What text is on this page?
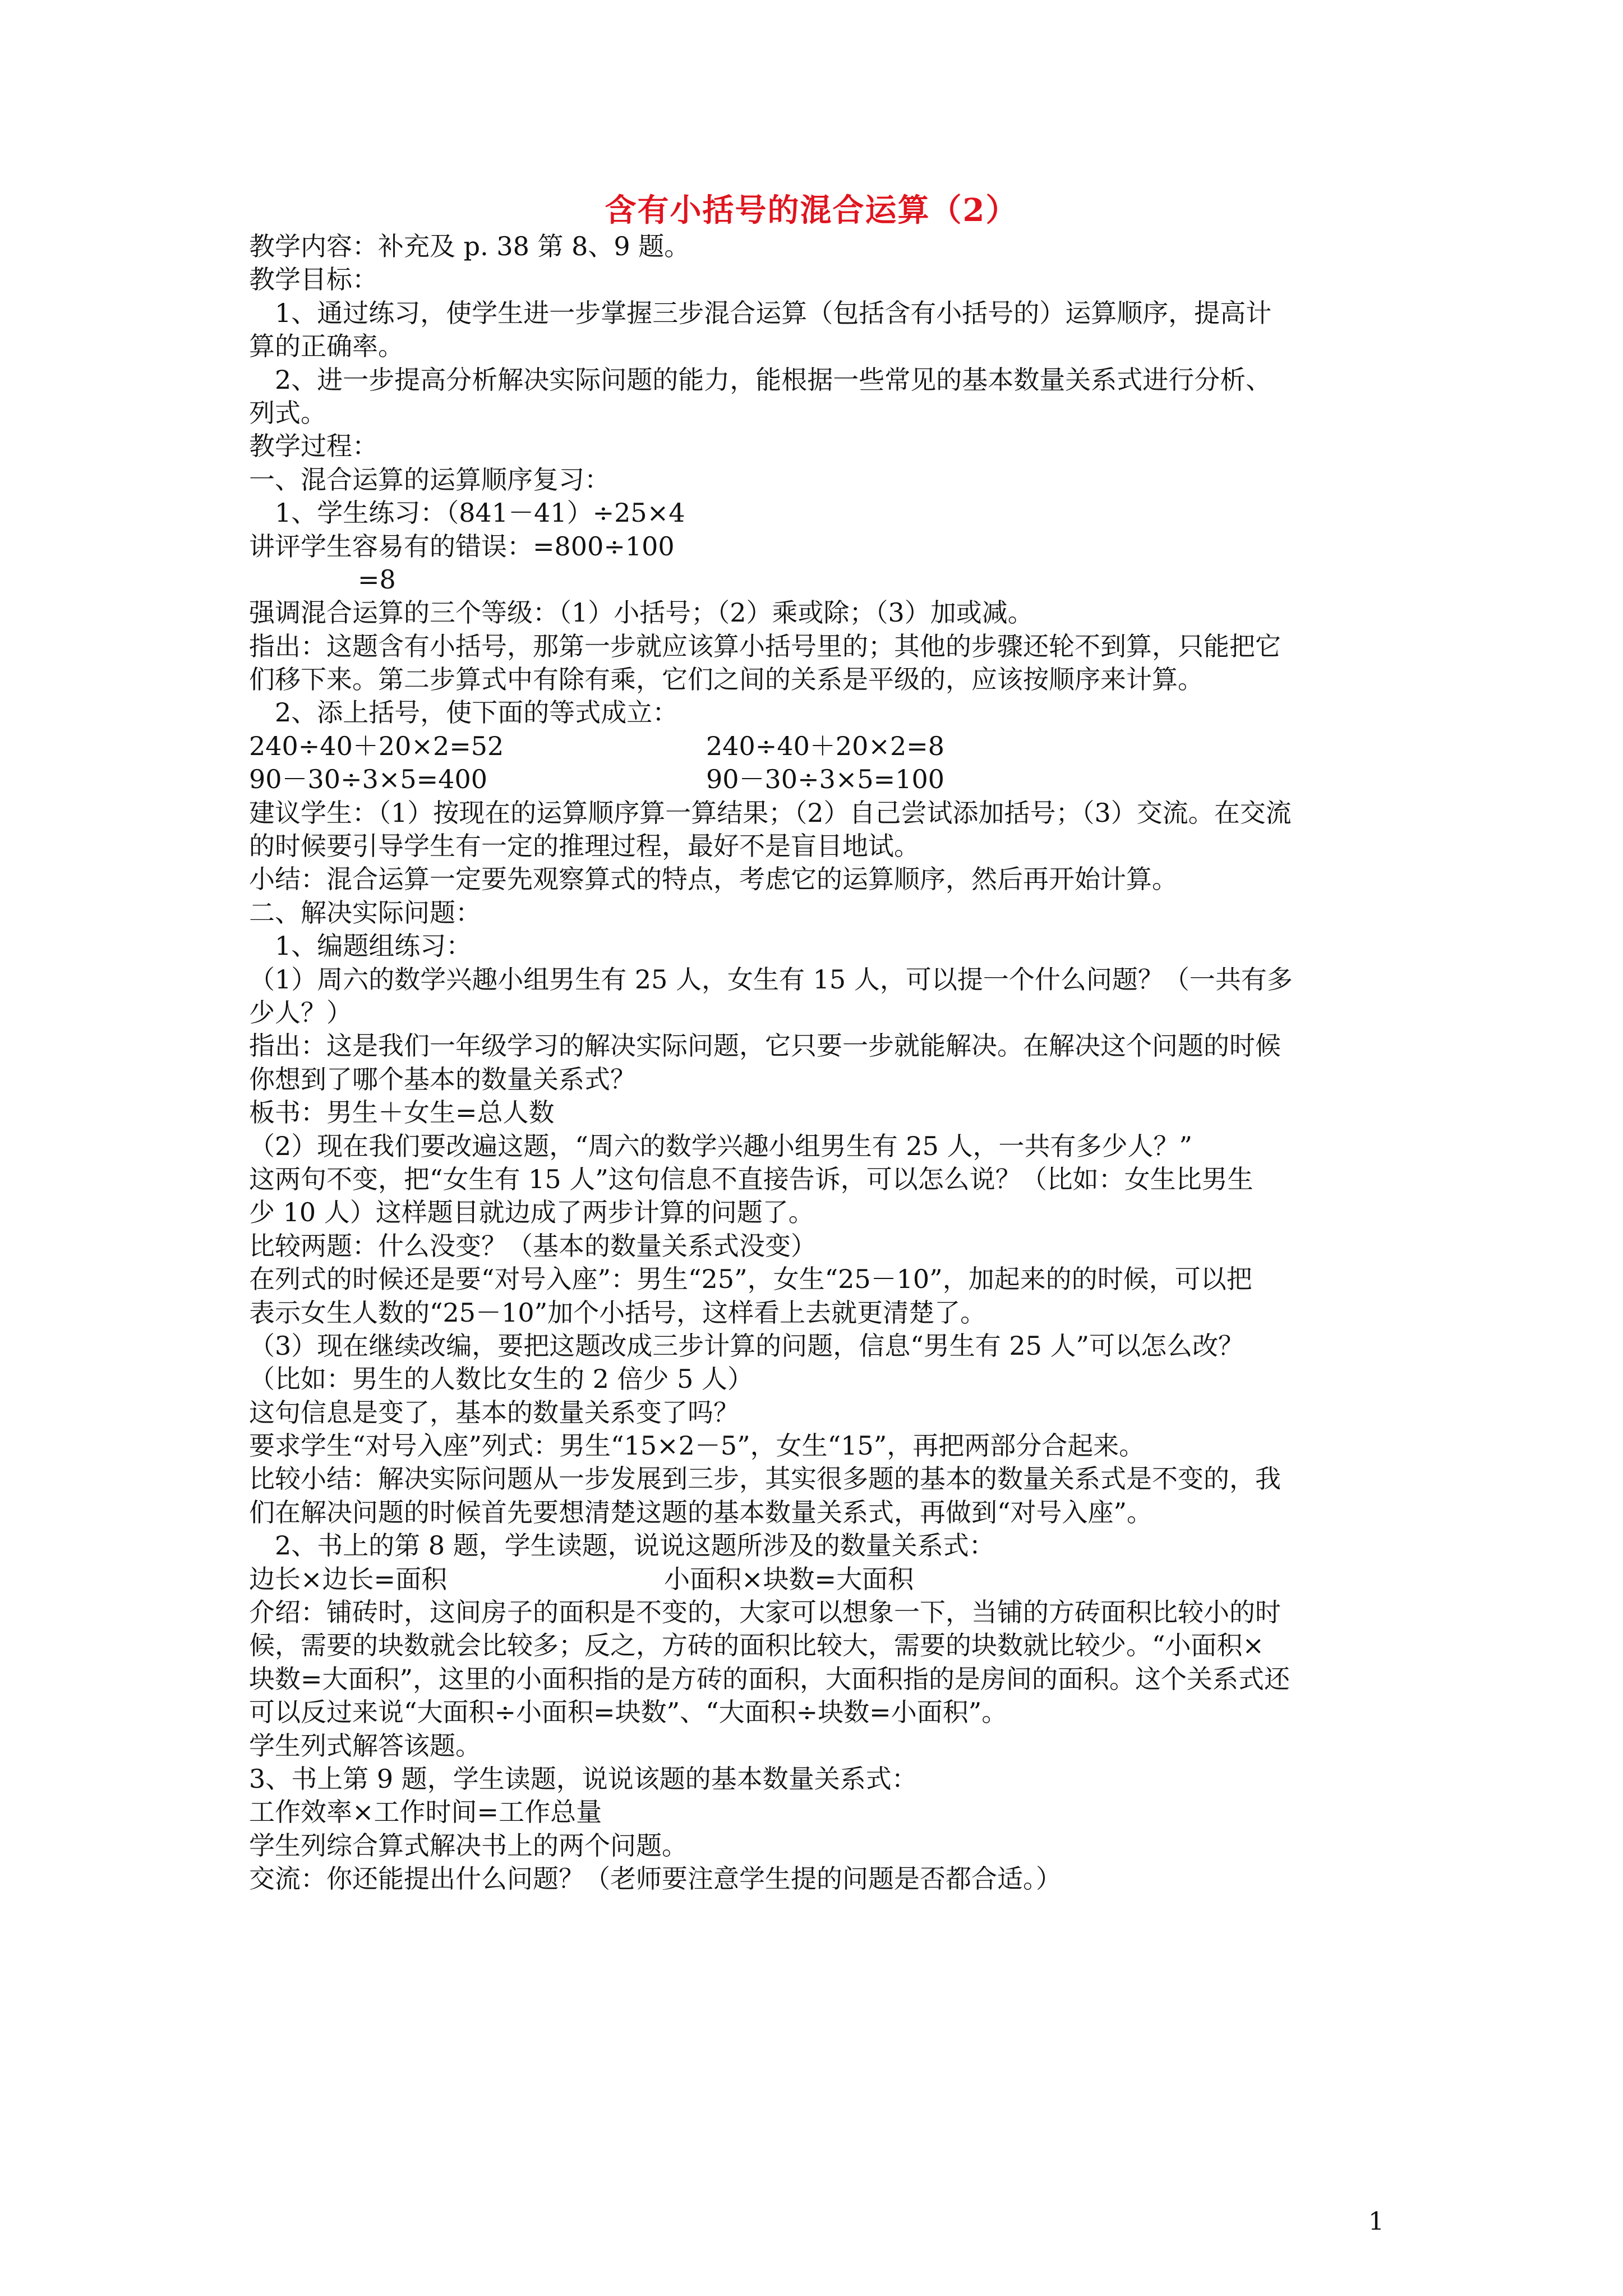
含有小括号的混合运算（2）
教学内容：补充及 p. 38 第 8、9 题。
教学目标：
1、通过练习，使学生进一步掌握三步混合运算（包括含有小括号的）运算顺序，提高计
算的正确率。
2、进一步提高分析解决实际问题的能力，能根据一些常见的基本数量关系式进行分析、
列式。
教学过程：
一、混合运算的运算顺序复习：
1、学生练习：（841－41）÷25×4
讲评学生容易有的错误：=800÷100
=8
强调混合运算的三个等级：（1）小括号；（2）乘或除；（3）加或减。
指出：这题含有小括号，那第一步就应该算小括号里的；其他的步骤还轮不到算，只能把它
们移下来。第二步算式中有除有乘，它们之间的关系是平级的，应该按顺序来计算。
2、添上括号，使下面的等式成立：
240÷40＋20×2=52	240÷40＋20×2=8
90－30÷3×5=400	90－30÷3×5=100
建议学生：（1）按现在的运算顺序算一算结果；（2）自己尝试添加括号；（3）交流。在交流
的时候要引导学生有一定的推理过程，最好不是盲目地试。
小结：混合运算一定要先观察算式的特点，考虑它的运算顺序，然后再开始计算。
二、解决实际问题：
1、编题组练习：
（1）周六的数学兴趣小组男生有 25 人，女生有 15 人，可以提一个什么问题？（一共有多
少人？）
指出：这是我们一年级学习的解决实际问题，它只要一步就能解决。在解决这个问题的时候
你想到了哪个基本的数量关系式？
板书：男生＋女生=总人数
（2）现在我们要改遍这题，“周六的数学兴趣小组男生有 25 人，一共有多少人？”
这两句不变，把“女生有 15 人”这句信息不直接告诉，可以怎么说？（比如：女生比男生
少 10 人）这样题目就边成了两步计算的问题了。
比较两题：什么没变？（基本的数量关系式没变）
在列式的时候还是要“对号入座”：男生“25”，女生“25－10”，加起来的的时候，可以把
表示女生人数的“25－10”加个小括号，这样看上去就更清楚了。
（3）现在继续改编，要把这题改成三步计算的问题，信息“男生有 25 人”可以怎么改？
（比如：男生的人数比女生的 2 倍少 5 人）
这句信息是变了，基本的数量关系变了吗？
要求学生“对号入座”列式：男生“15×2－5”，女生“15”，再把两部分合起来。
比较小结：解决实际问题从一步发展到三步，其实很多题的基本的数量关系式是不变的，我
们在解决问题的时候首先要想清楚这题的基本数量关系式，再做到“对号入座”。
2、书上的第 8 题，学生读题，说说这题所涉及的数量关系式：
边长×边长=面积	小面积×块数=大面积
介绍：铺砖时，这间房子的面积是不变的，大家可以想象一下，当铺的方砖面积比较小的时
候，需要的块数就会比较多；反之，方砖的面积比较大，需要的块数就比较少。“小面积×
块数=大面积”，这里的小面积指的是方砖的面积，大面积指的是房间的面积。这个关系式还
可以反过来说“大面积÷小面积=块数”、“大面积÷块数=小面积”。
学生列式解答该题。
3、书上第 9 题，学生读题，说说该题的基本数量关系式：
工作效率×工作时间=工作总量
学生列综合算式解决书上的两个问题。
交流：你还能提出什么问题？（老师要注意学生提的问题是否都合适。）
1
